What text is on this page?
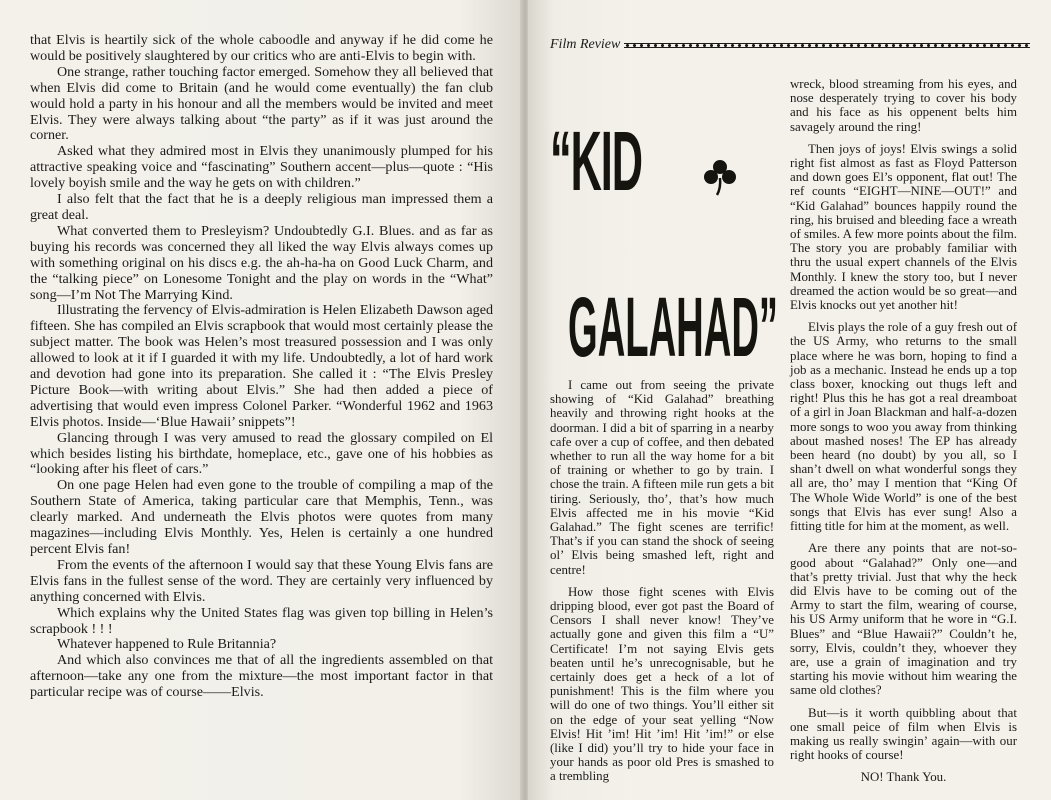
that Elvis is heartily sick of the whole caboodle and anyway if he did come he would be positively slaughtered by our critics who are anti-Elvis to begin with.

One strange, rather touching factor emerged. Somehow they all believed that when Elvis did come to Britain (and he would come eventually) the fan club would hold a party in his honour and all the members would be invited and meet Elvis. They were always talking about “the party” as if it was just around the corner.

Asked what they admired most in Elvis they unanimously plumped for his attractive speaking voice and “fascinating” Southern accent—plus—quote : “His lovely boyish smile and the way he gets on with children.”

I also felt that the fact that he is a deeply religious man impressed them a great deal.

What converted them to Presleyism? Undoubtedly G.I. Blues. and as far as buying his records was concerned they all liked the way Elvis always comes up with something original on his discs e.g. the ah-ha-ha on Good Luck Charm, and the “talking piece” on Lonesome Tonight and the play on words in the “What” song—I’m Not The Marrying Kind.

Illustrating the fervency of Elvis-admiration is Helen Elizabeth Dawson aged fifteen. She has compiled an Elvis scrapbook that would most certainly please the subject matter. The book was Helen’s most treasured possession and I was only allowed to look at it if I guarded it with my life. Undoubtedly, a lot of hard work and devotion had gone into its preparation. She called it : “The Elvis Presley Picture Book—with writing about Elvis.” She had then added a piece of advertising that would even impress Colonel Parker. “Wonderful 1962 and 1963 Elvis photos. Inside—‘Blue Hawaii’ snippets”!

Glancing through I was very amused to read the glossary compiled on El which besides listing his birthdate, homeplace, etc., gave one of his hobbies as “looking after his fleet of cars.”

On one page Helen had even gone to the trouble of compiling a map of the Southern State of America, taking particular care that Memphis, Tenn., was clearly marked. And underneath the Elvis photos were quotes from many magazines—including Elvis Monthly. Yes, Helen is certainly a one hundred percent Elvis fan!

From the events of the afternoon I would say that these Young Elvis fans are Elvis fans in the fullest sense of the word. They are certainly very influenced by anything concerned with Elvis.

Which explains why the United States flag was given top billing in Helen’s scrapbook ! ! !

Whatever happened to Rule Britannia?

And which also convinces me that of all the ingredients assembled on that afternoon—take any one from the mixture—the most important factor in that particular recipe was of course——Elvis.

Film Review
“KID
GALAHAD”

I came out from seeing the private showing of “Kid Galahad” breathing heavily and throwing right hooks at the doorman. I did a bit of sparring in a nearby cafe over a cup of coffee, and then debated whether to run all the way home for a bit of training or whether to go by train. I chose the train. A fifteen mile run gets a bit tiring. Seriously, tho’, that’s how much Elvis affected me in his movie “Kid Galahad.” The fight scenes are terrific! That’s if you can stand the shock of seeing ol’ Elvis being smashed left, right and centre!

How those fight scenes with Elvis dripping blood, ever got past the Board of Censors I shall never know! They’ve actually gone and given this film a “U” Certificate! I’m not saying Elvis gets beaten until he’s unrecognisable, but he certainly does get a heck of a lot of punishment! This is the film where you will do one of two things. You’ll either sit on the edge of your seat yelling “Now Elvis! Hit ’im! Hit ’im! Hit ’im!” or else (like I did) you’ll try to hide your face in your hands as poor old Pres is smashed to a trembling

wreck, blood streaming from his eyes, and nose desperately trying to cover his body and his face as his oppenent belts him savagely around the ring!

Then joys of joys! Elvis swings a solid right fist almost as fast as Floyd Patterson and down goes El’s opponent, flat out! The ref counts “EIGHT—NINE—OUT!” and “Kid Galahad” bounces happily round the ring, his bruised and bleeding face a wreath of smiles. A few more points about the film. The story you are probably familiar with thru the usual expert channels of the Elvis Monthly. I knew the story too, but I never dreamed the action would be so great—and Elvis knocks out yet another hit!

Elvis plays the role of a guy fresh out of the US Army, who returns to the small place where he was born, hoping to find a job as a mechanic. Instead he ends up a top class boxer, knocking out thugs left and right! Plus this he has got a real dreamboat of a girl in Joan Blackman and half-a-dozen more songs to woo you away from thinking about mashed noses! The EP has already been heard (no doubt) by you all, so I shan’t dwell on what wonderful songs they all are, tho’ may I mention that “King Of The Whole Wide World” is one of the best songs that Elvis has ever sung! Also a fitting title for him at the moment, as well.

Are there any points that are not-so-good about “Galahad?” Only one—and that’s pretty trivial. Just that why the heck did Elvis have to be coming out of the Army to start the film, wearing of course, his US Army uniform that he wore in “G.I. Blues” and “Blue Hawaii?” Couldn’t he, sorry, Elvis, couldn’t they, whoever they are, use a grain of imagination and try starting his movie without him wearing the same old clothes?

But—is it worth quibbling about that one small peice of film when Elvis is making us really swingin’ again—with our right hooks of course!

NO! Thank You.
